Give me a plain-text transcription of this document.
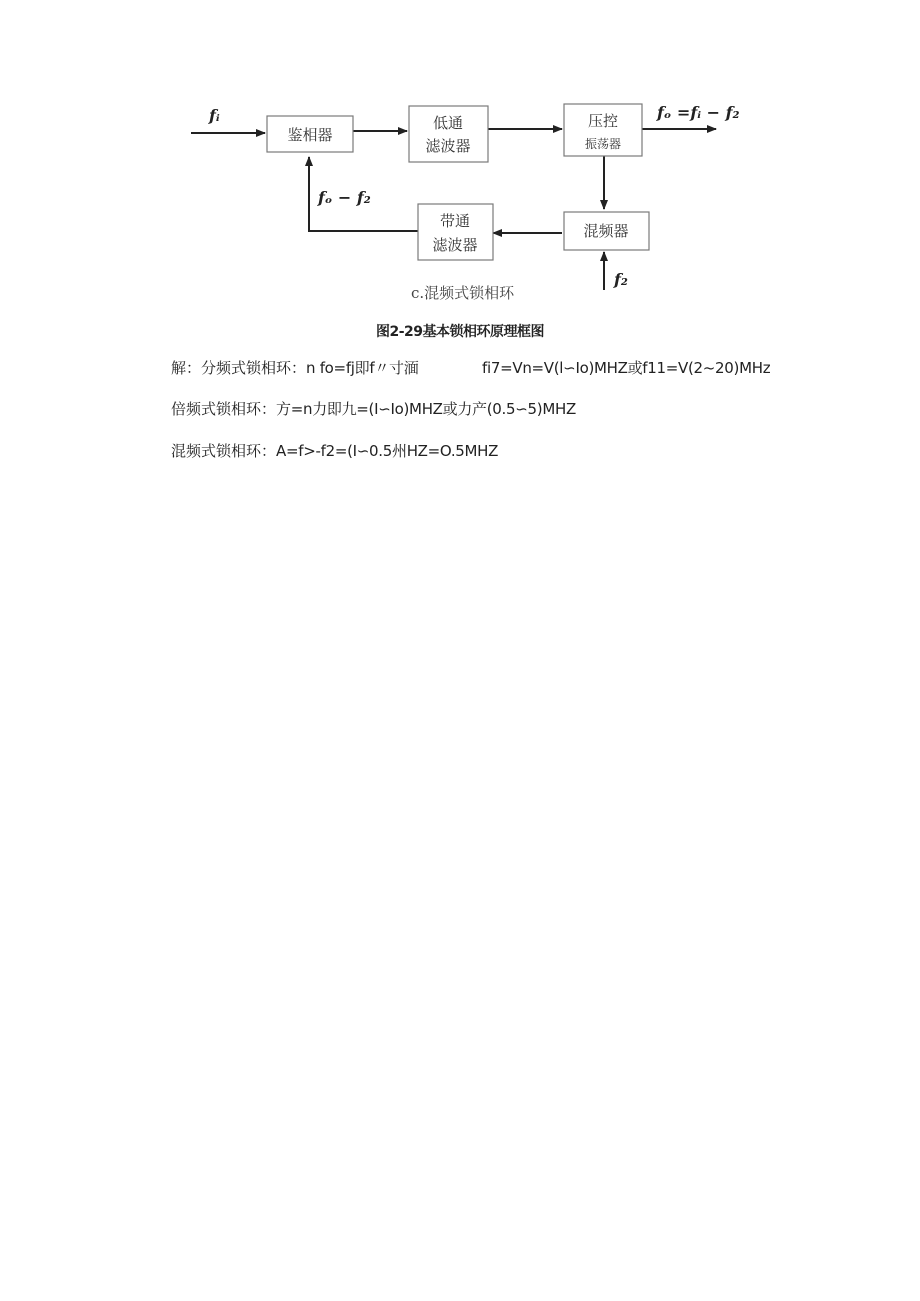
鉴相器
低通
滤波器
压控
振荡器
混频器
带通
滤波器
fᵢ	fₒ =fᵢ − f₂
fₒ − f₂
f₂
c.混频式锁相环

图2-29基本锁相环原理框图

解：分频式锁相环：n fo=fj即f〃寸湎	fi7=Vn=V(l∽Io)MHZ或f11=V(2~20)MHz

倍频式锁相环：方=n力即九=(I∽Io)MHZ或力产(0.5∽5)MHZ

混频式锁相环：A=f>-f2=(I∽0.5州HZ=O.5MHZ
